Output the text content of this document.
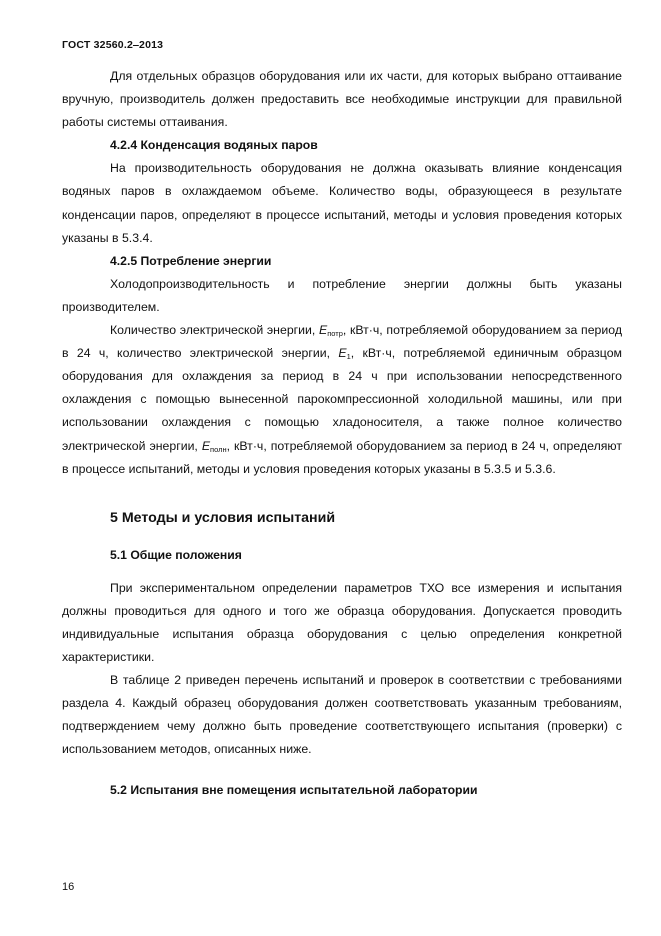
ГОСТ 32560.2‒2013

Для отдельных образцов оборудования или их части, для которых выбрано оттаивание вручную, производитель должен предоставить все необходимые инструкции для правильной работы системы оттаивания.

4.2.4 Конденсация водяных паров

На производительность оборудования не должна оказывать влияние конденсация водяных паров в охлаждаемом объеме. Количество воды, образующееся в результате конденсации паров, определяют в процессе испытаний, методы и условия проведения которых указаны в 5.3.4.

4.2.5 Потребление энергии

Холодопроизводительность и потребление энергии должны быть указаны производителем.

Количество электрической энергии, $E_{потр}$, кВт·ч, потребляемой оборудованием за период в 24 ч, количество электрической энергии, $E_1$, кВт·ч, потребляемой единичным образцом оборудования для охлаждения за период в 24 ч при использовании непосредственного охлаждения с помощью вынесенной парокомпрессионной холодильной машины, или при использовании охлаждения с помощью хладоносителя, а также полное количество электрической энергии, $E_{полн}$, кВт·ч, потребляемой оборудованием за период в 24 ч, определяют в процессе испытаний, методы и условия проведения которых указаны в 5.3.5 и 5.3.6.

5 Методы и условия испытаний
5.1 Общие положения

При экспериментальном определении параметров ТХО все измерения и испытания должны проводиться для одного и того же образца оборудования. Допускается проводить индивидуальные испытания образца оборудования с целью определения конкретной характеристики.

В таблице 2 приведен перечень испытаний и проверок в соответствии с требованиями раздела 4. Каждый образец оборудования должен соответствовать указанным требованиям, подтверждением чему должно быть проведение соответствующего испытания (проверки) с использованием методов, описанных ниже.

5.2 Испытания вне помещения испытательной лаборатории
16
